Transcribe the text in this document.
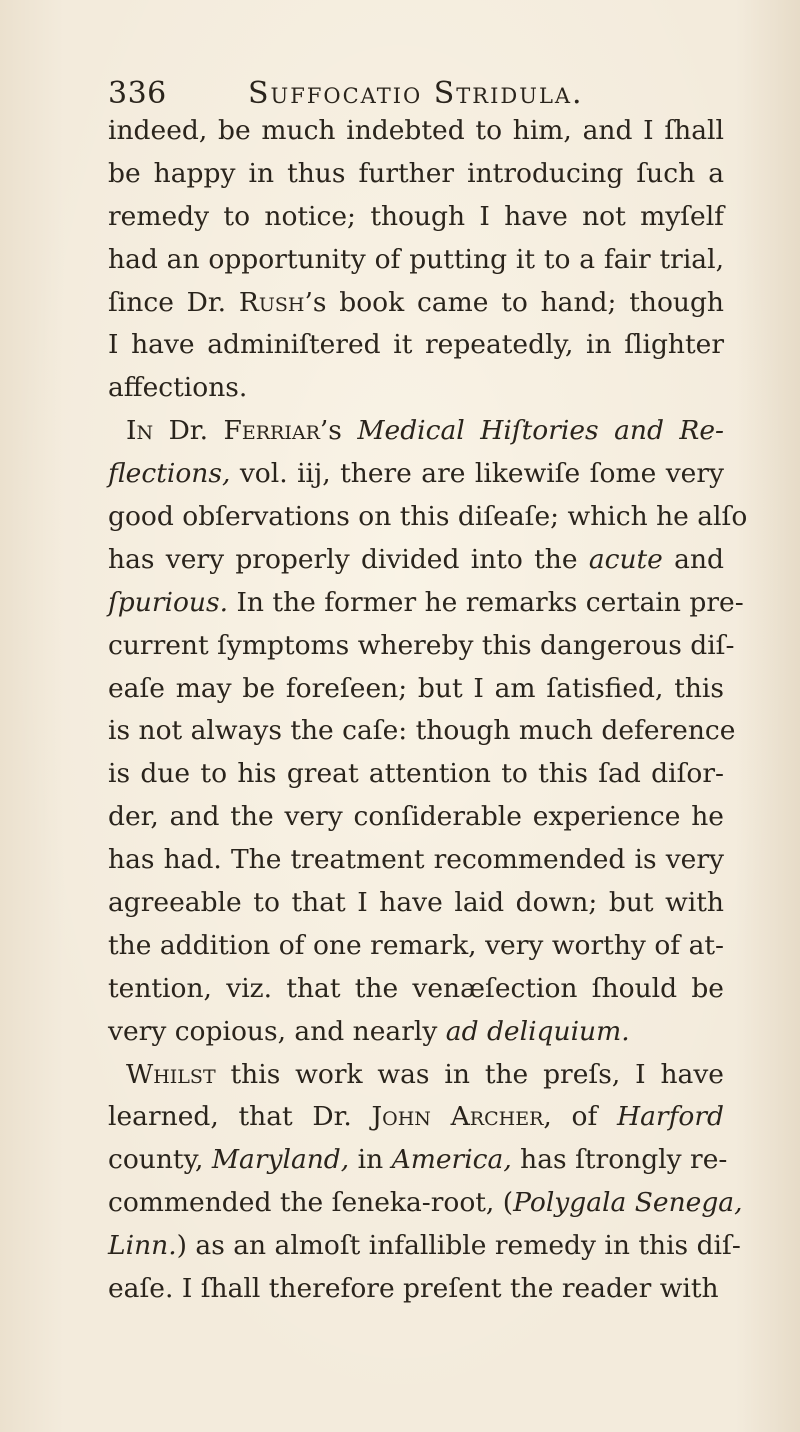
336	Suffocatio Stridula.
indeed, be much indebted to him, and I ſhall
be happy in thus further introducing ſuch a
remedy to notice; though I have not myſelf
had an opportunity of putting it to a fair trial,
ſince Dr. Rush’s book came to hand; though
I have adminiſtered it repeatedly, in ſlighter
affeсtions.
In Dr. Ferriar’s Medical Hiſtories and Re-
flections, vol. iij, there are likewiſe ſome very
good obſervations on this diſeaſe; which he alſo
has very properly divided into the acute and
ſpurious. In the former he remarks certain pre-
current ſymptoms whereby this dangerous diſ-
eaſe may be foreſeen; but I am ſatisfied, this
is not always the caſe: though much deference
is due to his great attention to this ſad diſor-
der, and the very conſiderable experience he
has had. The treatment recommended is very
agreeable to that I have laid down; but with
the addition of one remark, very worthy of at-
tention, viz. that the venæſection ſhould be
very copious, and nearly ad deliquium.
Whilst this work was in the preſs, I have
learned, that Dr. John Archer, of Harford
county, Maryland, in America, has ſtrongly re-
commended the ſeneka-root, (Polygala Senega,
Linn.) as an almoſt infallible remedy in this diſ-
eaſe. I ſhall therefore preſent the reader with
